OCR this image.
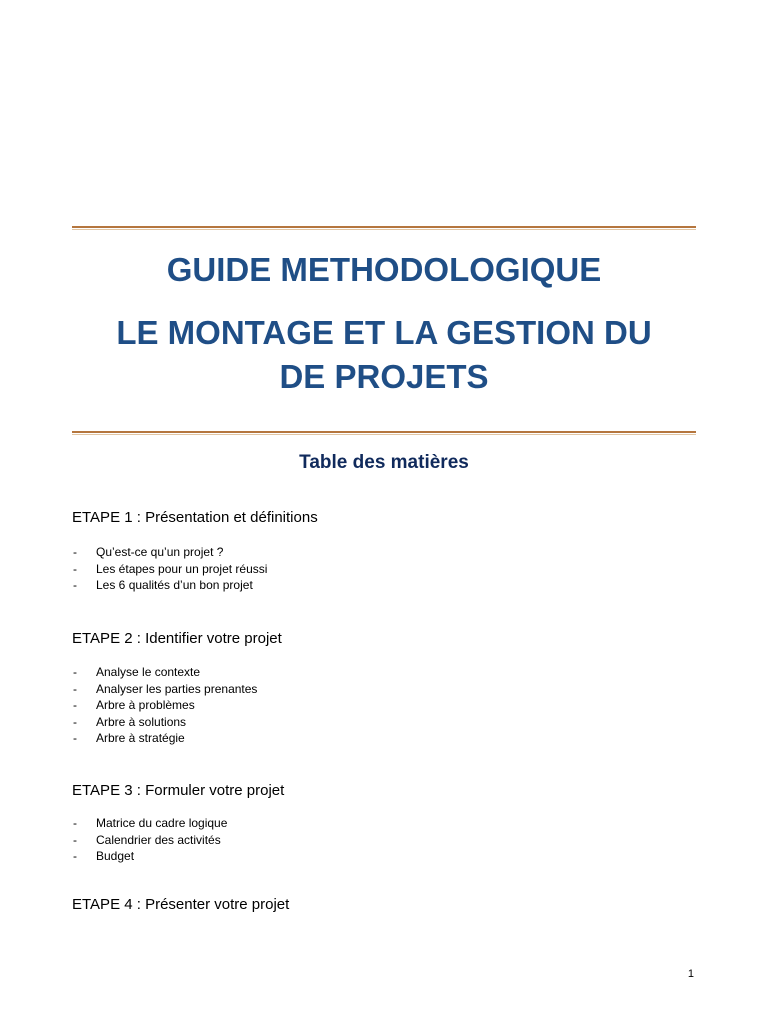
GUIDE METHODOLOGIQUE
LE MONTAGE ET LA GESTION DU
DE PROJETS
Table des matières

ETAPE 1 : Présentation et définitions

- Qu’est-ce qu’un projet ?
- Les étapes pour un projet réussi
- Les 6 qualités d’un bon projet

ETAPE 2 : Identifier votre projet

- Analyse le contexte
- Analyser les parties prenantes
- Arbre à problèmes
- Arbre à solutions
- Arbre à stratégie

ETAPE 3 : Formuler votre projet

- Matrice du cadre logique
- Calendrier des activités
- Budget

ETAPE 4 : Présenter votre projet

1
